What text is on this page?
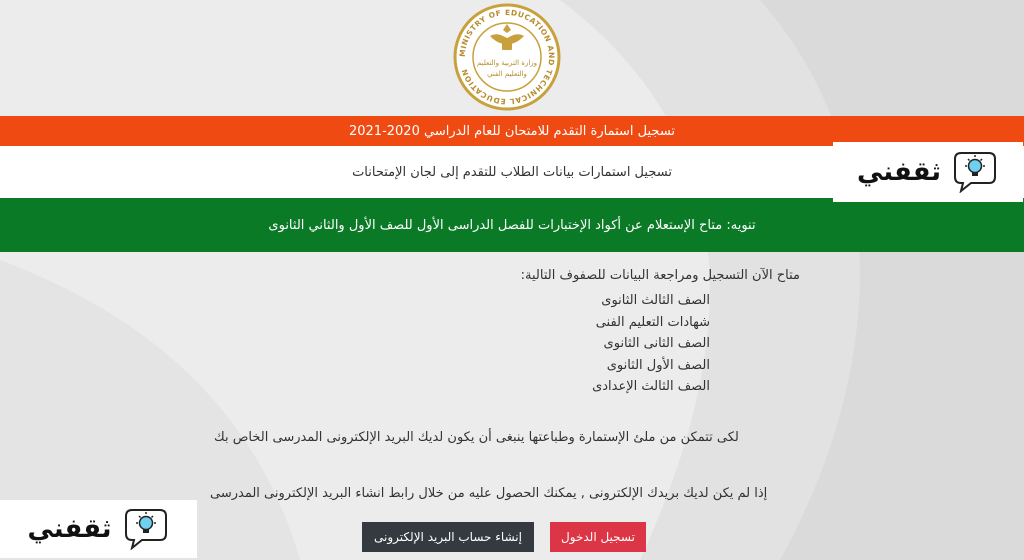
MINISTRY OF EDUCATION AND TECHNICAL EDUCATION
وزارة التربية والتعليم
والتعليم الفني
تسجيل استمارة التقدم للامتحان للعام الدراسي 2020-2021
تسجيل استمارات بيانات الطلاب للتقدم إلى لجان الإمتحانات
تنويه: متاح الإستعلام عن أكواد الإختبارات للفصل الدراسى الأول للصف الأول والثاني الثانوى
ثقفني
متاح الآن التسجيل ومراجعة البيانات للصفوف التالية:
الصف الثالث الثانوى
شهادات التعليم الفنى
الصف الثانى الثانوى
الصف الأول الثانوى
الصف الثالث الإعدادى
لكى تتمكن من ملئ الإستمارة وطباعتها ينبغى أن يكون لديك البريد الإلكترونى المدرسى الخاص بك
إذا لم يكن لديك بريدك الإلكترونى , يمكنك الحصول عليه من خلال رابط انشاء البريد الإلكترونى المدرسى
تسجيل الدخول
إنشاء حساب البريد الإلكترونى
ثقفني
